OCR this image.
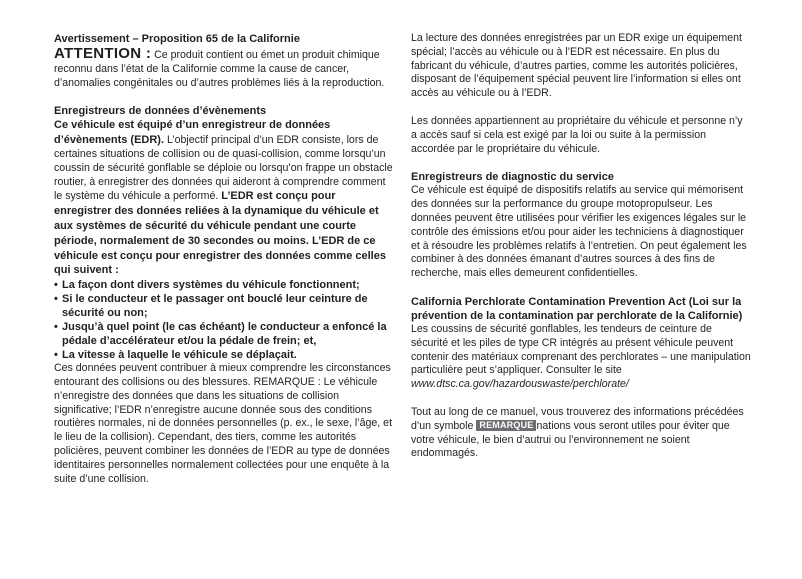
Avertissement – Proposition 65 de la Californie

ATTENTION : Ce produit contient ou émet un produit chimique reconnu dans l’état de la Californie comme la cause de cancer, d’anomalies congénitales ou d’autres problèmes liés à la reproduction.

Enregistreurs de données d’évènements

Ce véhicule est équipé d’un enregistreur de données d’évènements (EDR). L’objectif principal d’un EDR consiste, lors de certaines situations de collision ou de quasi-collision, comme lorsqu’un coussin de sécurité gonflable se déploie ou lorsqu’on frappe un obstacle routier, à enregistrer des données qui aideront à comprendre comment le système du véhicule a performé. L’EDR est conçu pour enregistrer des données reliées à la dynamique du véhicule et aux systèmes de sécurité du véhicule pendant une courte période, normalement de 30 secondes ou moins. L’EDR de ce véhicule est conçu pour enregistrer des données comme celles qui suivent :

• La façon dont divers systèmes du véhicule fonctionnent;
• Si le conducteur et le passager ont bouclé leur ceinture de sécurité ou non;
• Jusqu’à quel point (le cas échéant) le conducteur a enfoncé la pédale d’accélérateur et/ou la pédale de frein; et,
• La vitesse à laquelle le véhicule se déplaçait.

Ces données peuvent contribuer à mieux comprendre les circonstances entourant des collisions ou des blessures. REMARQUE : Le véhicule n’enregistre des données que dans les situations de collision significative; l’EDR n’enregistre aucune donnée sous des conditions routières normales, ni de données personnelles (p. ex., le sexe, l’âge, et le lieu de la collision). Cependant, des tiers, comme les autorités policières, peuvent combiner les données de l’EDR au type de données identitaires personnelles normalement collectées pour une enquête à la suite d’une collision.

La lecture des données enregistrées par un EDR exige un équipement spécial; l’accès au véhicule ou à l’EDR est nécessaire. En plus du fabricant du véhicule, d’autres parties, comme les autorités policières, disposant de l’équipement spécial peuvent lire l’information si elles ont accès au véhicule ou à l’EDR.

Les données appartiennent au propriétaire du véhicule et personne n’y a accès sauf si cela est exigé par la loi ou suite à la permission accordée par le propriétaire du véhicule.

Enregistreurs de diagnostic du service

Ce véhicule est équipé de dispositifs relatifs au service qui mémorisent des données sur la performance du groupe motopropulseur. Les données peuvent être utilisées pour vérifier les exigences légales sur le contrôle des émissions et/ou pour aider les techniciens à diagnostiquer et à résoudre les problèmes relatifs à l’entretien. On peut également les combiner à des données émanant d’autres sources à des fins de recherche, mais elles demeurent confidentielles.

California Perchlorate Contamination Prevention Act (Loi sur la prévention de la contamination par perchlorate de la Californie)

Les coussins de sécurité gonflables, les tendeurs de ceinture de sécurité et les piles de type CR intégrés au présent véhicule peuvent contenir des matériaux comprenant des perchlorates – une manipulation particulière peut s’appliquer. Consulter le site www.dtsc.ca.gov/hazardouswaste/perchlorate/

Tout au long de ce manuel, vous trouverez des informations précédées d’un symbole REMARQUE nations vous seront utiles pour éviter que votre véhicule, le bien d’autrui ou l’environnement ne soient endommagés.
